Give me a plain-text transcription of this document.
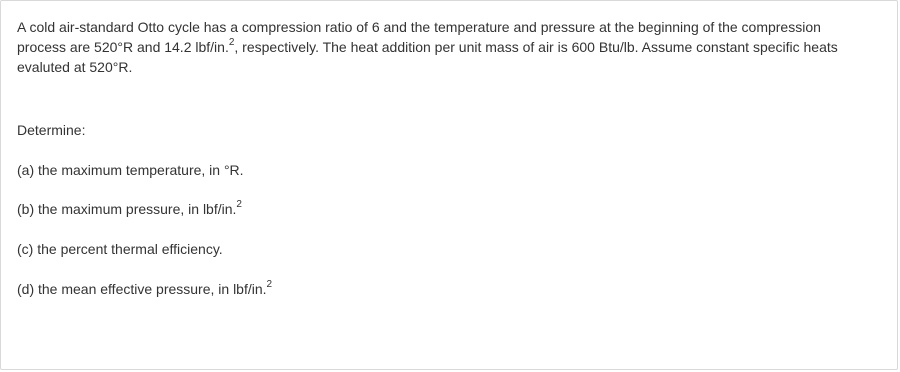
A cold air-standard Otto cycle has a compression ratio of 6 and the temperature and pressure at the beginning of the compression
process are 520°R and 14.2 lbf/in.$^2$, respectively. The heat addition per unit mass of air is 600 Btu/lb. Assume constant specific heats
evaluted at 520°R.

Determine:

(a) the maximum temperature, in °R.

(b) the maximum pressure, in lbf/in.$^2$

(c) the percent thermal efficiency.

(d) the mean effective pressure, in lbf/in.$^2$
